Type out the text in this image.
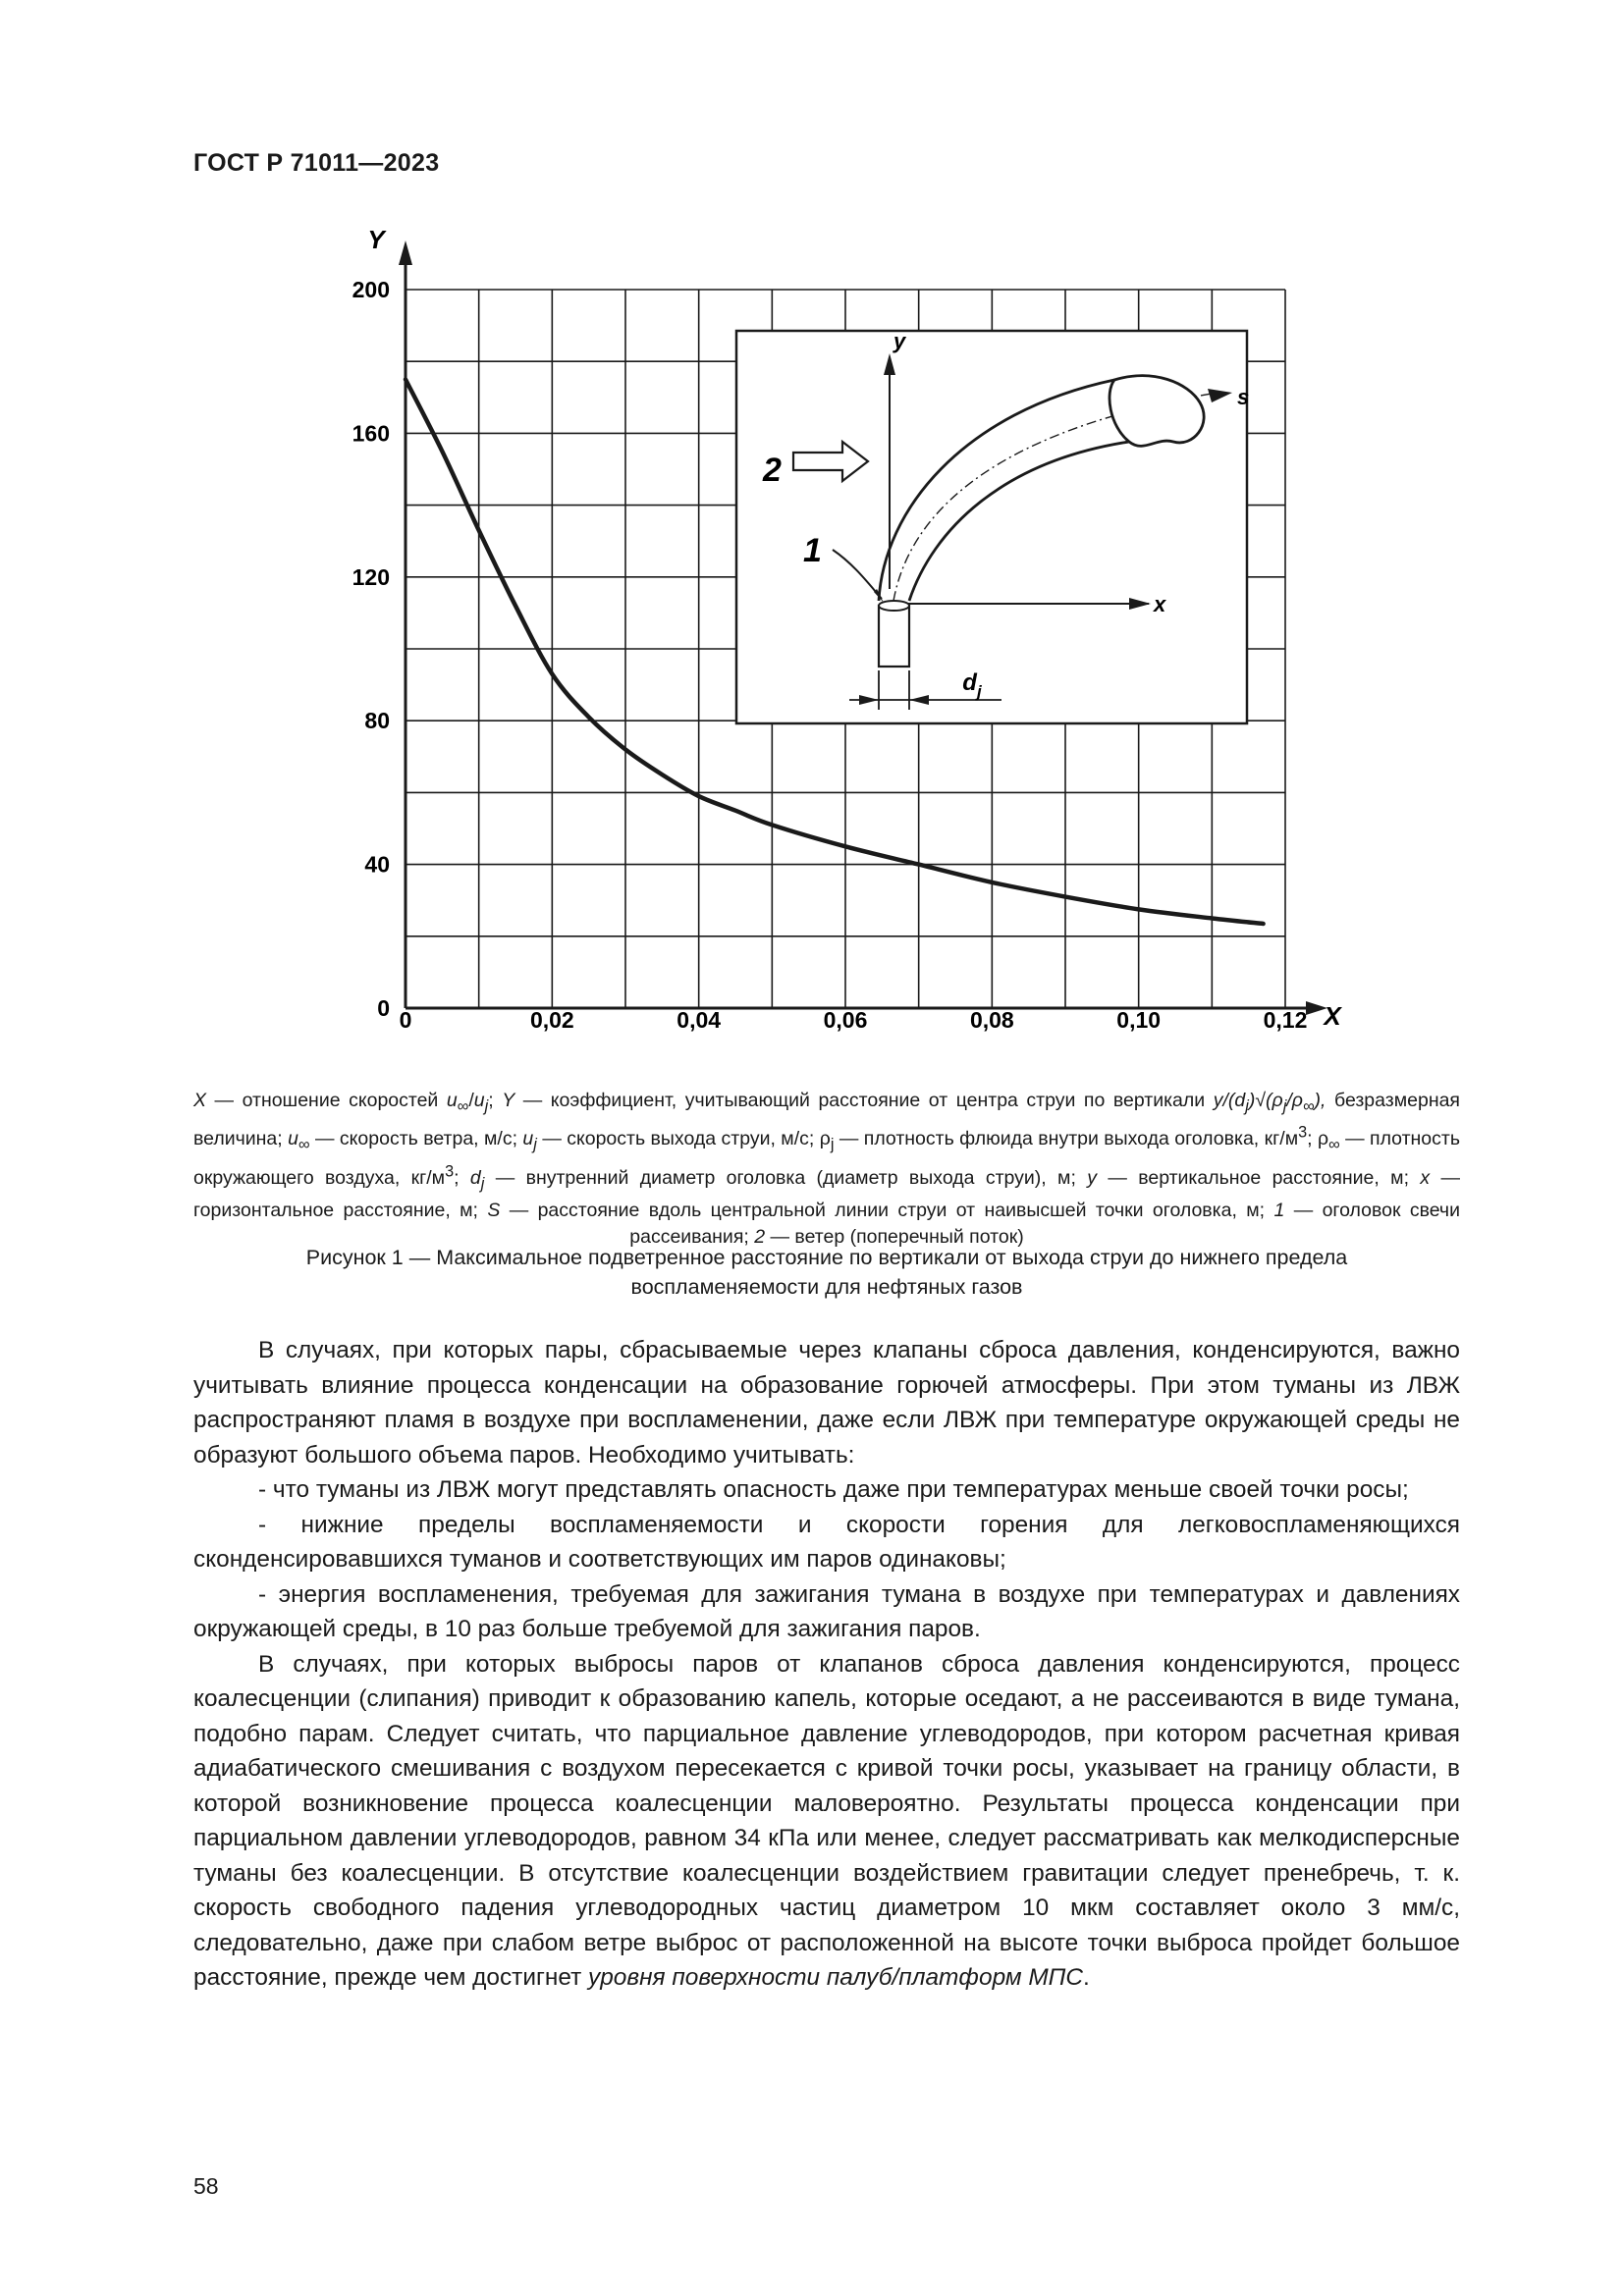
ГОСТ Р 71011—2023
0
40
80
120
160
200
0	0,02	0,04	0,06	0,08	0,10	0,12
Y
X
y
x
s
2
1
$d_j$
X — отношение скоростей $u_\infty/u_j$; Y — коэффициент, учитывающий расстояние от центра струи по вертикали $y/(d_j)√(\rho_j/\rho_\infty)$, безразмерная величина; $u_\infty$ — скорость ветра, м/с; $u_j$ — скорость выхода струи, м/с; $\rho_j$ — плотность флюида внутри выхода оголовка, $кг/м^3$; $\rho_\infty$ — плотность окружающего воздуха, $кг/м^3$; $d_j$ — внутренний диаметр оголовка (диаметр выхода струи), м; y — вертикальное расстояние, м; x — горизонтальное расстояние, м; S — расстояние вдоль центральной линии струи от наивысшей точки оголовка, м; 1 — оголовок свечи рассеивания; 2 — ветер (поперечный поток)
Рисунок 1 — Максимальное подветренное расстояние по вертикали от выхода струи до нижнего предела
воспламеняемости для нефтяных газов

В случаях, при которых пары, сбрасываемые через клапаны сброса давления, конденсируются, важно учитывать влияние процесса конденсации на образование горючей атмосферы. При этом туманы из ЛВЖ распространяют пламя в воздухе при воспламенении, даже если ЛВЖ при температуре окружающей среды не образуют большого объема паров. Необходимо учитывать:

- что туманы из ЛВЖ могут представлять опасность даже при температурах меньше своей точки росы;

- нижние пределы воспламеняемости и скорости горения для легковоспламеняющихся сконденсировавшихся туманов и соответствующих им паров одинаковы;

- энергия воспламенения, требуемая для зажигания тумана в воздухе при температурах и давлениях окружающей среды, в 10 раз больше требуемой для зажигания паров.

В случаях, при которых выбросы паров от клапанов сброса давления конденсируются, процесс коалесценции (слипания) приводит к образованию капель, которые оседают, а не рассеиваются в виде тумана, подобно парам. Следует считать, что парциальное давление углеводородов, при котором расчетная кривая адиабатического смешивания с воздухом пересекается с кривой точки росы, указывает на границу области, в которой возникновение процесса коалесценции маловероятно. Результаты процесса конденсации при парциальном давлении углеводородов, равном 34 кПа или менее, следует рассматривать как мелкодисперсные туманы без коалесценции. В отсутствие коалесценции воздействием гравитации следует пренебречь, т. к. скорость свободного падения углеводородных частиц диаметром 10 мкм составляет около 3 мм/с, следовательно, даже при слабом ветре выброс от расположенной на высоте точки выброса пройдет большое расстояние, прежде чем достигнет уровня поверхности палуб/платформ МПС.

58
